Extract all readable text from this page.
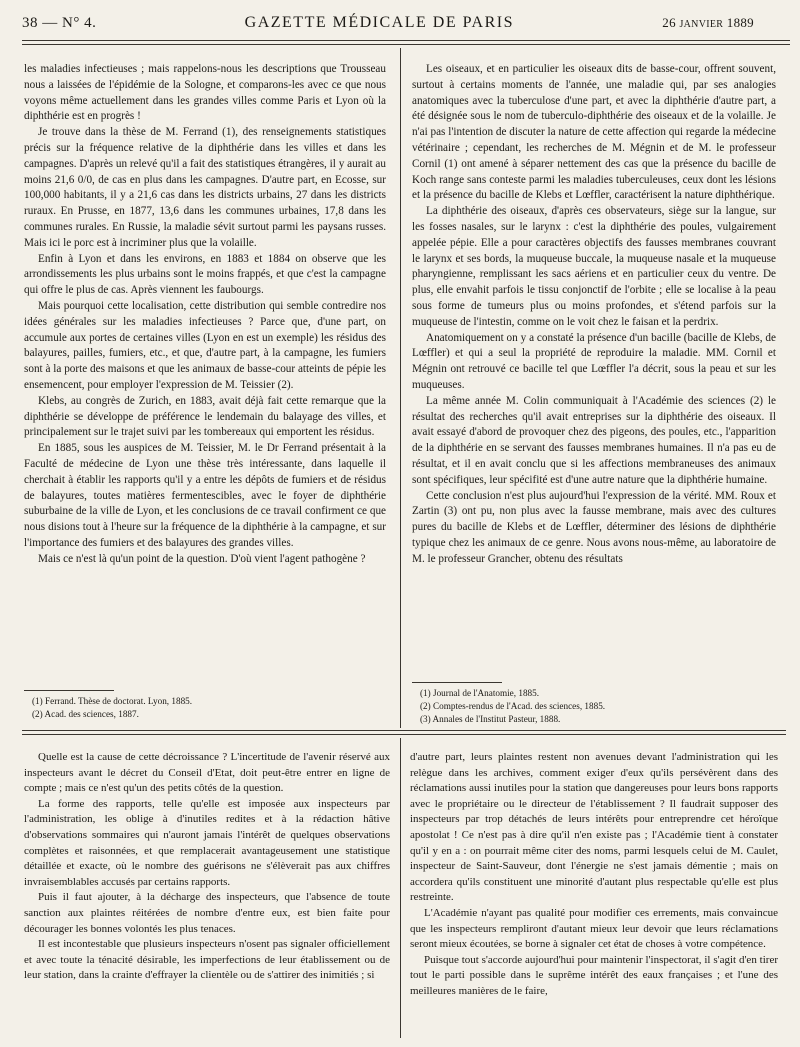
38 — N° 4.	GAZETTE MÉDICALE DE PARIS	26 JANVIER 1889

les maladies infectieuses ; mais rappelons-nous les descriptions que Trousseau nous a laissées de l'épidémie de la Sologne, et comparons-les avec ce que nous voyons même actuellement dans les grandes villes comme Paris et Lyon où la diphthérie est en progrès !

Je trouve dans la thèse de M. Ferrand (1), des renseignements statistiques précis sur la fréquence relative de la diphthérie dans les villes et dans les campagnes. D'après un relevé qu'il a fait des statistiques étrangères, il y aurait au moins 21,6 0/0, de cas en plus dans les campagnes. D'autre part, en Ecosse, sur 100,000 habitants, il y a 21,6 cas dans les districts urbains, 27 dans les districts ruraux. En Prusse, en 1877, 13,6 dans les communes urbaines, 17,8 dans les communes rurales. En Russie, la maladie sévit surtout parmi les paysans russes. Mais ici le porc est à incriminer plus que la volaille.

Enfin à Lyon et dans les environs, en 1883 et 1884 on observe que les arrondissements les plus urbains sont le moins frappés, et que c'est la campagne qui offre le plus de cas. Après viennent les faubourgs.

Mais pourquoi cette localisation, cette distribution qui semble contredire nos idées générales sur les maladies infectieuses ? Parce que, d'une part, on accumule aux portes de certaines villes (Lyon en est un exemple) les résidus des balayures, pailles, fumiers, etc., et que, d'autre part, à la campagne, les fumiers sont à la porte des maisons et que les animaux de basse-cour atteints de pépie les ensemencent, pour employer l'expression de M. Teissier (2).

Klebs, au congrès de Zurich, en 1883, avait déjà fait cette remarque que la diphthérie se développe de préférence le lendemain du balayage des villes, et principalement sur le trajet suivi par les tombereaux qui emportent les résidus.

En 1885, sous les auspices de M. Teissier, M. le Dr Ferrand présentait à la Faculté de médecine de Lyon une thèse très intéressante, dans laquelle il cherchait à établir les rapports qu'il y a entre les dépôts de fumiers et de résidus de balayures, toutes matières fermentescibles, avec le foyer de diphthérie suburbaine de la ville de Lyon, et les conclusions de ce travail confirment ce que nous disions tout à l'heure sur la fréquence de la diphthérie à la campagne, et sur l'importance des fumiers et des balayures des grandes villes.

Mais ce n'est là qu'un point de la question. D'où vient l'agent pathogène ?

(1) Ferrand. Thèse de doctorat. Lyon, 1885.
(2) Acad. des sciences, 1887.

Les oiseaux, et en particulier les oiseaux dits de basse-cour, offrent souvent, surtout à certains moments de l'année, une maladie qui, par ses analogies anatomiques avec la tuberculose d'une part, et avec la diphthérie d'autre part, a été désignée sous le nom de tuberculo-diphthérie des oiseaux et de la volaille. Je n'ai pas l'intention de discuter la nature de cette affection qui regarde la médecine vétérinaire ; cependant, les recherches de M. Mégnin et de M. le professeur Cornil (1) ont amené à séparer nettement des cas que la présence du bacille de Koch range sans conteste parmi les maladies tuberculeuses, ceux dont les lésions et la présence du bacille de Klebs et Lœffler, caractérisent la nature diphthérique.

La diphthérie des oiseaux, d'après ces observateurs, siège sur la langue, sur les fosses nasales, sur le larynx : c'est la diphthérie des poules, vulgairement appelée pépie. Elle a pour caractères objectifs des fausses membranes couvrant le larynx et ses bords, la muqueuse buccale, la muqueuse nasale et la muqueuse pharyngienne, remplissant les sacs aériens et en particulier ceux du ventre. De plus, elle envahit parfois le tissu conjonctif de l'orbite ; elle se localise à la peau sous forme de tumeurs plus ou moins profondes, et s'étend parfois sur la muqueuse de l'intestin, comme on le voit chez le faisan et la perdrix.

Anatomiquement on y a constaté la présence d'un bacille (bacille de Klebs, de Lœffler) et qui a seul la propriété de reproduire la maladie. MM. Cornil et Mégnin ont retrouvé ce bacille tel que Lœffler l'a décrit, sous la peau et sur les muqueuses.

La même année M. Colin communiquait à l'Académie des sciences (2) le résultat des recherches qu'il avait entreprises sur la diphthérie des oiseaux. Il avait essayé d'abord de provoquer chez des pigeons, des poules, etc., l'apparition de la diphthérie en se servant des fausses membranes humaines. Il n'a pas eu de résultat, et il en avait conclu que si les affections membraneuses des animaux sont spécifiques, leur spécifité est d'une autre nature que la diphthérie humaine.

Cette conclusion n'est plus aujourd'hui l'expression de la vérité. MM. Roux et Zartin (3) ont pu, non plus avec la fausse membrane, mais avec des cultures pures du bacille de Klebs et de Lœffler, déterminer des lésions de diphthérie typique chez les animaux de ce genre. Nous avons nous-même, au laboratoire de M. le professeur Grancher, obtenu des résultats

(1) Journal de l'Anatomie, 1885.
(2) Comptes-rendus de l'Acad. des sciences, 1885.
(3) Annales de l'Institut Pasteur, 1888.

Quelle est la cause de cette décroissance ? L'incertitude de l'avenir réservé aux inspecteurs avant le décret du Conseil d'Etat, doit peut-être entrer en ligne de compte ; mais ce n'est qu'un des petits côtés de la question.

La forme des rapports, telle qu'elle est imposée aux inspecteurs par l'administration, les oblige à d'inutiles redites et à la rédaction hâtive d'observations sommaires qui n'auront jamais l'intérêt de quelques observations complètes et raisonnées, et que remplacerait avantageusement une statistique détaillée et exacte, où le nombre des guérisons ne s'élèverait pas aux chiffres invraisemblables accusés par certains rapports.

Puis il faut ajouter, à la décharge des inspecteurs, que l'absence de toute sanction aux plaintes réitérées de nombre d'entre eux, est bien faite pour décourager les bonnes volontés les plus tenaces.

Il est incontestable que plusieurs inspecteurs n'osent pas signaler officiellement et avec toute la ténacité désirable, les imperfections de leur établissement ou de leur station, dans la crainte d'effrayer la clientèle ou de s'attirer des inimitiés ; si

d'autre part, leurs plaintes restent non avenues devant l'administration qui les relègue dans les archives, comment exiger d'eux qu'ils persévèrent dans des réclamations aussi inutiles pour la station que dangereuses pour leurs bons rapports avec le propriétaire ou le directeur de l'établissement ? Il faudrait supposer des inspecteurs par trop détachés de leurs intérêts pour entreprendre cet héroïque apostolat ! Ce n'est pas à dire qu'il n'en existe pas ; l'Académie tient à constater qu'il y en a : on pourrait même citer des noms, parmi lesquels celui de M. Caulet, inspecteur de Saint-Sauveur, dont l'énergie ne s'est jamais démentie ; mais on accordera qu'ils constituent une minorité d'autant plus respectable qu'elle est plus restreinte.

L'Académie n'ayant pas qualité pour modifier ces errements, mais convaincue que les inspecteurs rempliront d'autant mieux leur devoir que leurs réclamations seront mieux écoutées, se borne à signaler cet état de choses à votre compétence.

Puisque tout s'accorde aujourd'hui pour maintenir l'inspectorat, il s'agit d'en tirer tout le parti possible dans le suprême intérêt des eaux françaises ; et l'une des meilleures manières de le faire,
